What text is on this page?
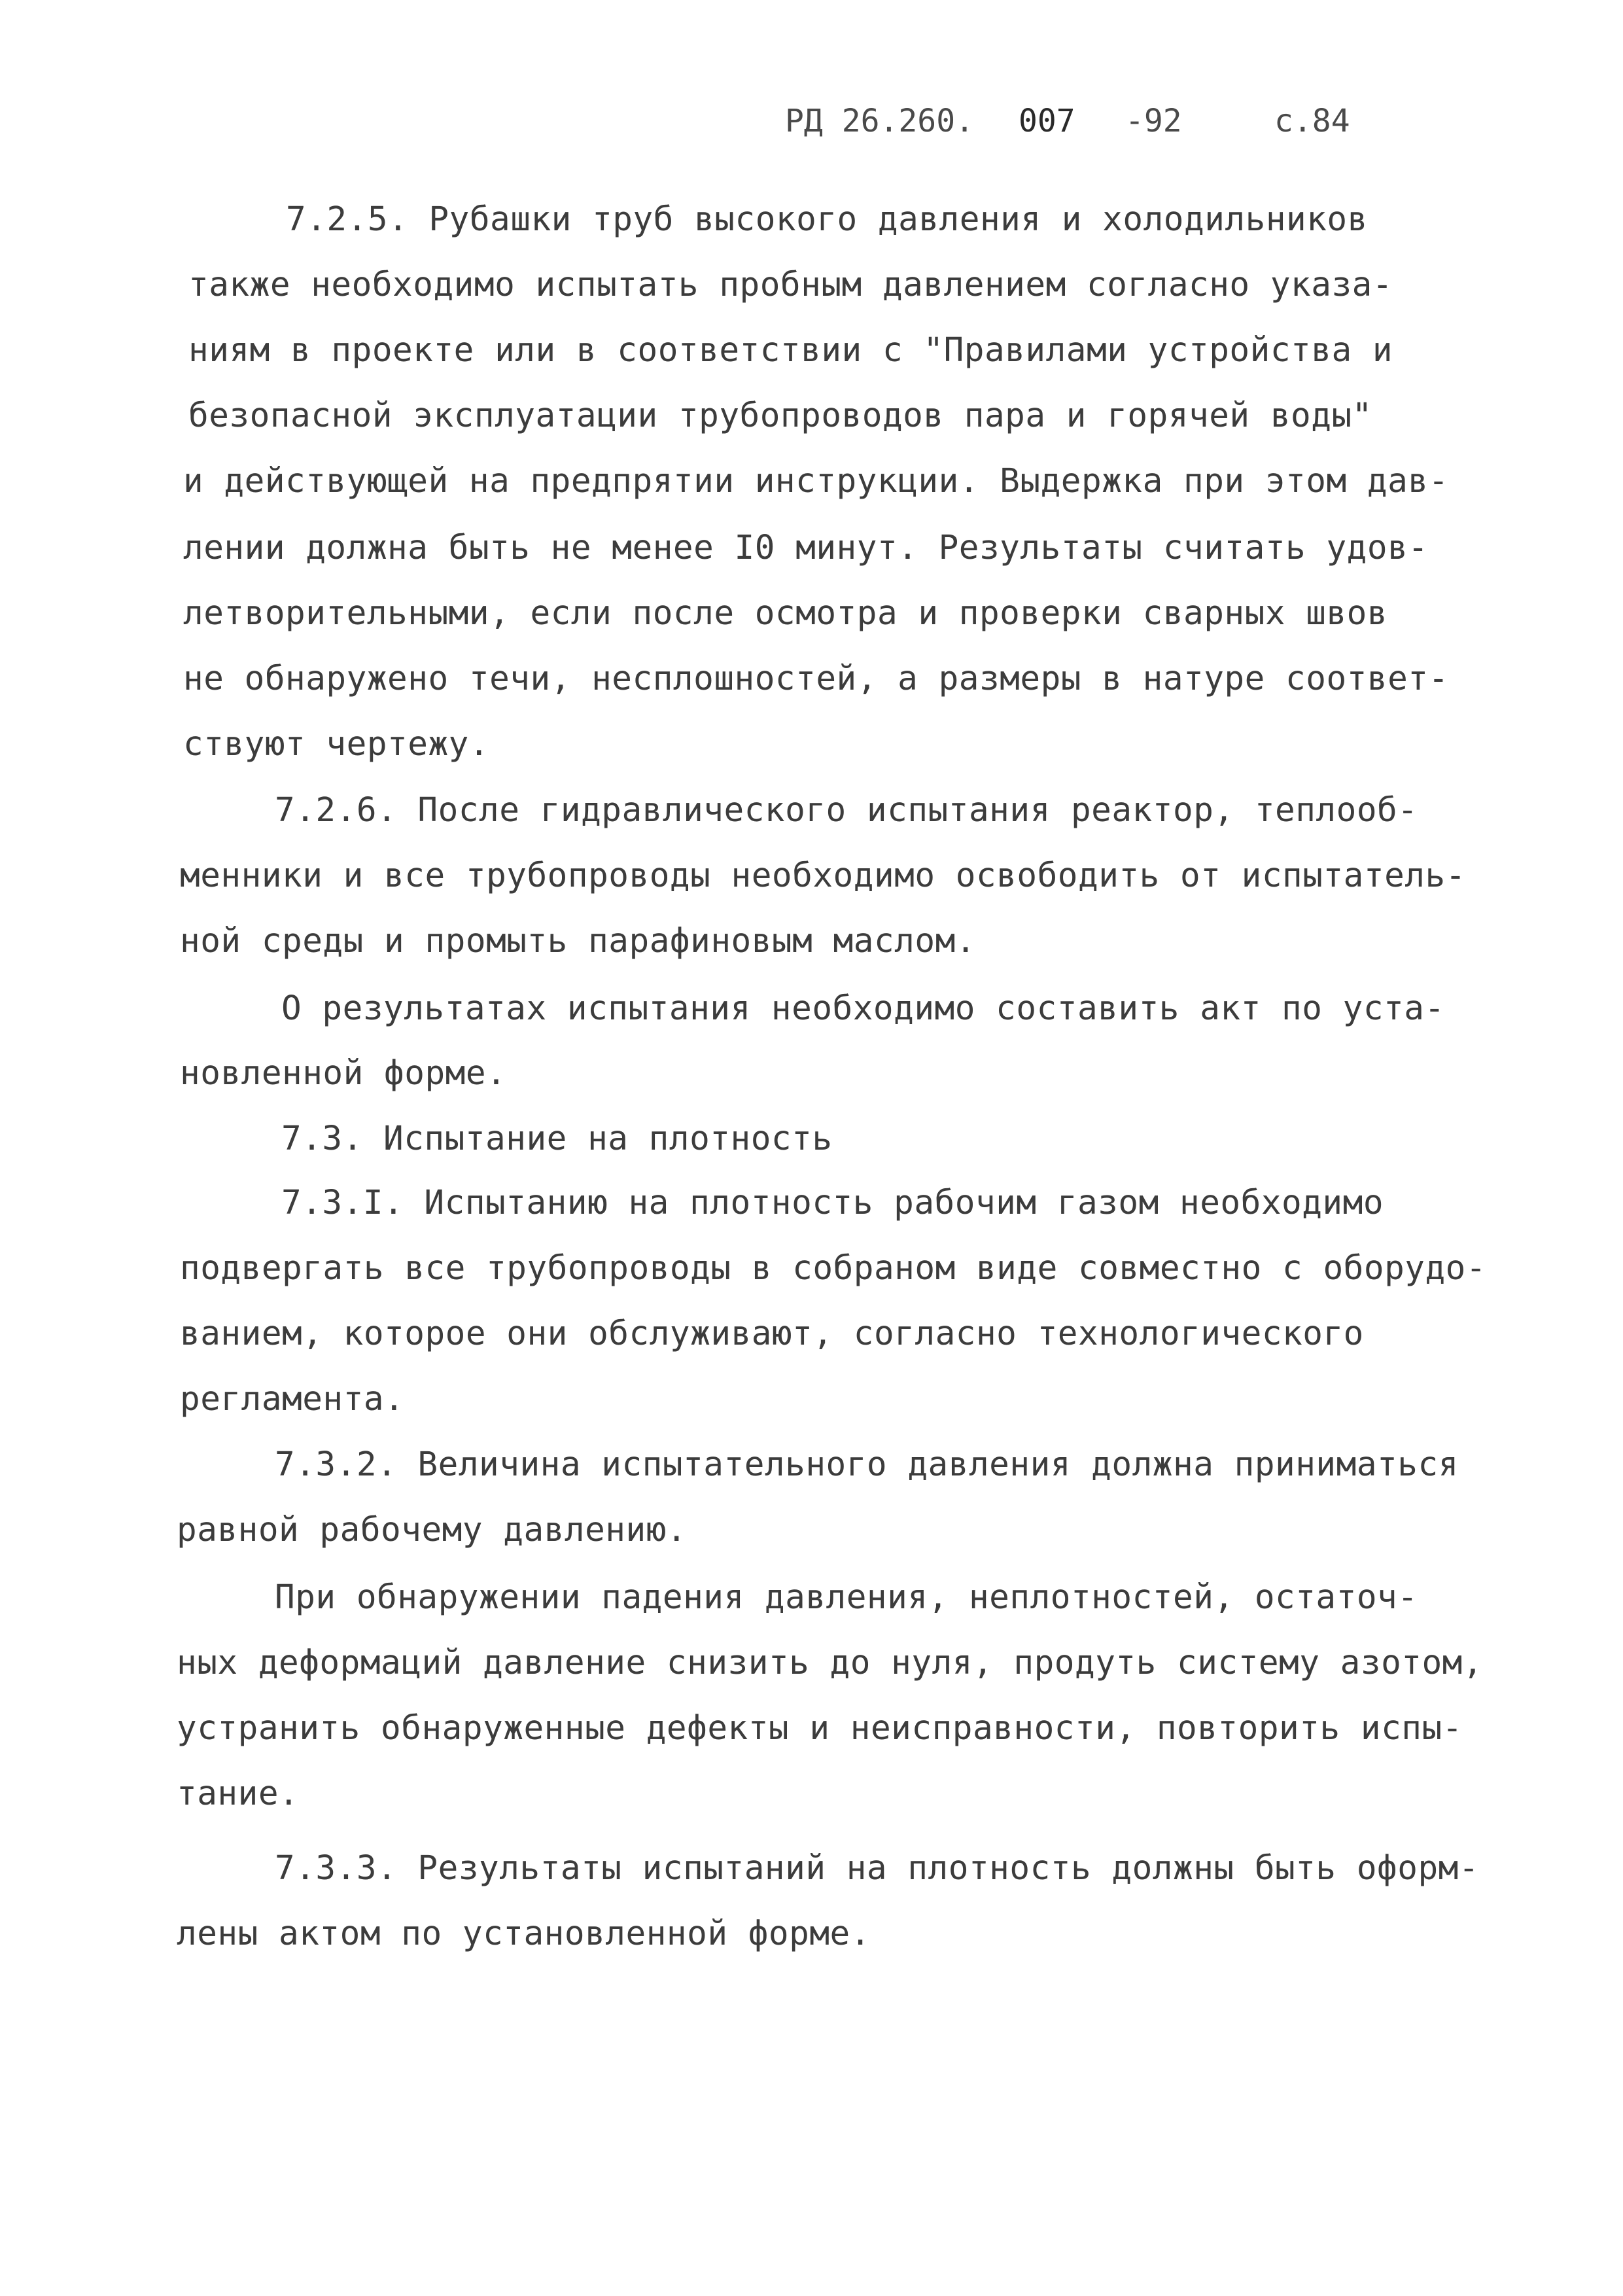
РД 26.260. 007 -92	с.84
7.2.5. Рубашки труб высокого давления и холодильников
также необходимо испытать пробным давлением согласно указа-
ниям в проекте или в соответствии с "Правилами устройства и
безопасной эксплуатации трубопроводов пара и горячей воды"
и действующей на предпрятии инструкции. Выдержка при этом дав-
лении должна быть не менее I0 минут. Результаты считать удов-
летворительными, если после осмотра и проверки сварных швов
не обнаружено течи, несплошностей, а размеры в натуре соответ-
ствуют чертежу.
7.2.6. После гидравлического испытания реактор, теплооб-
менники и все трубопроводы необходимо освободить от испытатель-
ной среды и промыть парафиновым маслом.
О результатах испытания необходимо составить акт по уста-
новленной форме.
7.3. Испытание на плотность
7.3.I. Испытанию на плотность рабочим газом необходимо
подвергать все трубопроводы в собраном виде совместно с оборудо-
ванием, которое они обслуживают, согласно технологического
регламента.
7.3.2. Величина испытательного давления должна приниматься
равной рабочему давлению.
При обнаружении падения давления, неплотностей, остаточ-
ных деформаций давление снизить до нуля, продуть систему азотом,
устранить обнаруженные дефекты и неисправности, повторить испы-
тание.
7.3.3. Результаты испытаний на плотность должны быть оформ-
лены актом по установленной форме.
